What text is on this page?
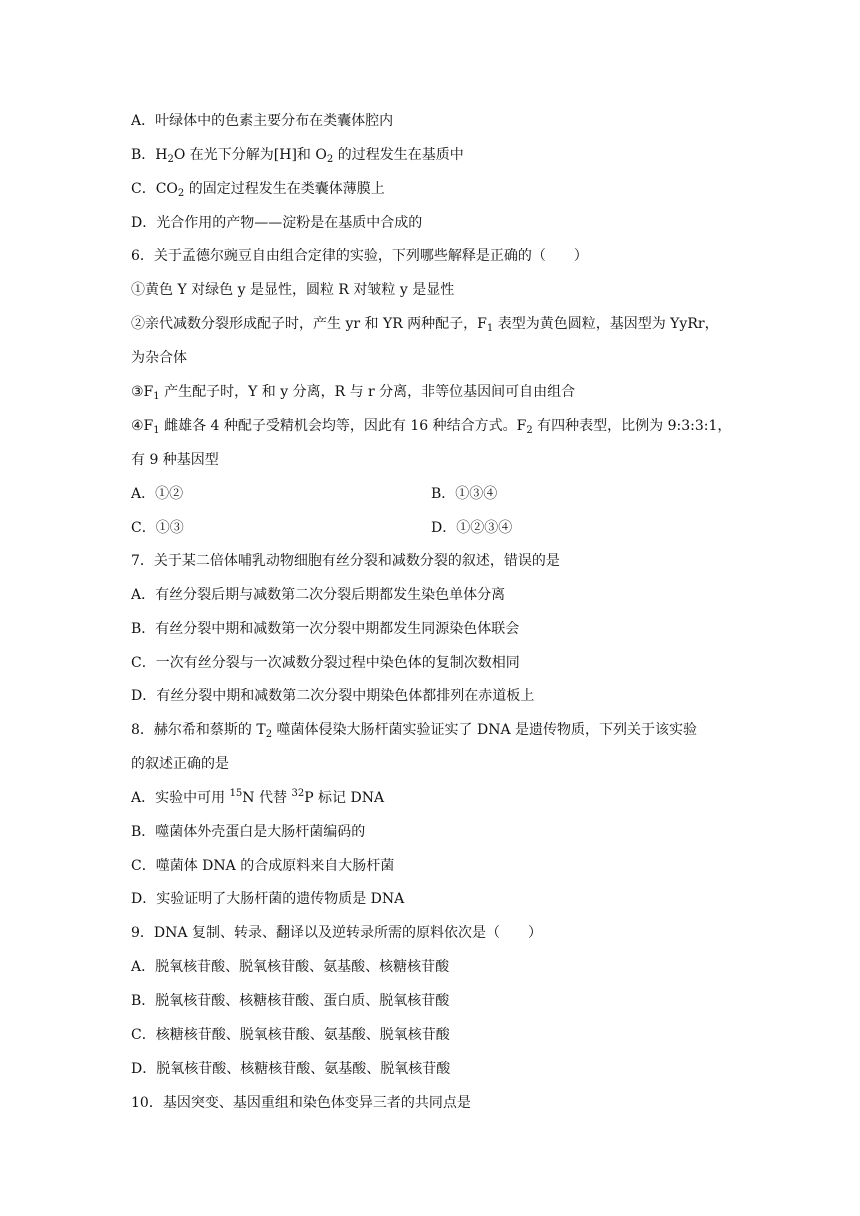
A．叶绿体中的色素主要分布在类囊体腔内
B．$H_2O$ 在光下分解为[H]和 $O_2$ 的过程发生在基质中
C．$CO_2$ 的固定过程发生在类囊体薄膜上
D．光合作用的产物——淀粉是在基质中合成的
6．关于孟德尔豌豆自由组合定律的实验，下列哪些解释是正确的（　　）
①黄色 Y 对绿色 y 是显性，圆粒 R 对皱粒 y 是显性
②亲代减数分裂形成配子时，产生 yr 和 YR 两种配子，$F_1$ 表型为黄色圆粒，基因型为 YyRr，
为杂合体
$③F_1$ 产生配子时，Y 和 y 分离，R 与 r 分离，非等位基因间可自由组合
$④F_1$ 雌雄各 4 种配子受精机会均等，因此有 16 种结合方式。$F_2$ 有四种表型，比例为 9:3:3:1，
有 9 种基因型
A．①②	B．①③④
C．①③	D．①②③④
7．关于某二倍体哺乳动物细胞有丝分裂和减数分裂的叙述，错误的是
A．有丝分裂后期与减数第二次分裂后期都发生染色单体分离
B．有丝分裂中期和减数第一次分裂中期都发生同源染色体联会
C．一次有丝分裂与一次减数分裂过程中染色体的复制次数相同
D．有丝分裂中期和减数第二次分裂中期染色体都排列在赤道板上
8．赫尔希和蔡斯的 $T_2$ 噬菌体侵染大肠杆菌实验证实了 DNA 是遗传物质，下列关于该实验
的叙述正确的是
A．实验中可用 $^{15}$N 代替 $^{32}$P 标记 DNA
B．噬菌体外壳蛋白是大肠杆菌编码的
C．噬菌体 DNA 的合成原料来自大肠杆菌
D．实验证明了大肠杆菌的遗传物质是 DNA
9．DNA 复制、转录、翻译以及逆转录所需的原料依次是（　　）
A．脱氧核苷酸、脱氧核苷酸、氨基酸、核糖核苷酸
B．脱氧核苷酸、核糖核苷酸、蛋白质、脱氧核苷酸
C．核糖核苷酸、脱氧核苷酸、氨基酸、脱氧核苷酸
D．脱氧核苷酸、核糖核苷酸、氨基酸、脱氧核苷酸
10．基因突变、基因重组和染色体变异三者的共同点是
